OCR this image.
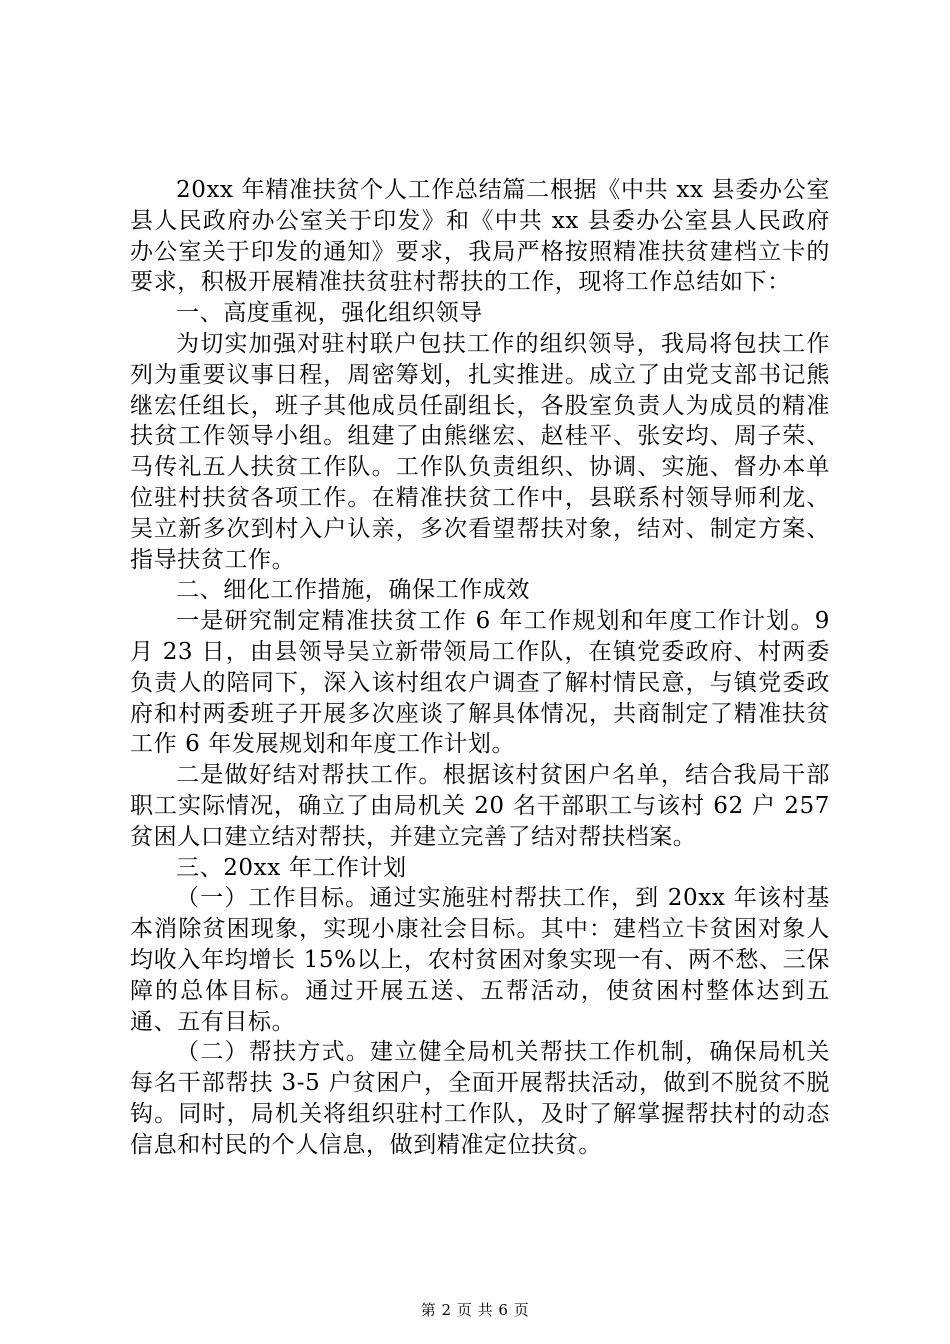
20xx 年精准扶贫个人工作总结篇二根据《中共 xx 县委办公室县人民政府办公室关于印发》和《中共 xx 县委办公室县人民政府办公室关于印发的通知》要求，我局严格按照精准扶贫建档立卡的要求，积极开展精准扶贫驻村帮扶的工作，现将工作总结如下：

一、高度重视，强化组织领导

为切实加强对驻村联户包扶工作的组织领导，我局将包扶工作列为重要议事日程，周密筹划，扎实推进。成立了由党支部书记熊继宏任组长，班子其他成员任副组长，各股室负责人为成员的精准扶贫工作领导小组。组建了由熊继宏、赵桂平、张安均、周子荣、马传礼五人扶贫工作队。工作队负责组织、协调、实施、督办本单位驻村扶贫各项工作。在精准扶贫工作中，县联系村领导师利龙、吴立新多次到村入户认亲，多次看望帮扶对象，结对、制定方案、指导扶贫工作。

二、细化工作措施，确保工作成效

一是研究制定精准扶贫工作 6 年工作规划和年度工作计划。9 月 23 日，由县领导吴立新带领局工作队，在镇党委政府、村两委负责人的陪同下，深入该村组农户调查了解村情民意，与镇党委政府和村两委班子开展多次座谈了解具体情况，共商制定了精准扶贫工作 6 年发展规划和年度工作计划。

二是做好结对帮扶工作。根据该村贫困户名单，结合我局干部职工实际情况，确立了由局机关 20 名干部职工与该村 62 户 257 贫困人口建立结对帮扶，并建立完善了结对帮扶档案。

三、20xx 年工作计划

（一）工作目标。通过实施驻村帮扶工作，到 20xx 年该村基本消除贫困现象，实现小康社会目标。其中：建档立卡贫困对象人均收入年均增长 15%以上，农村贫困对象实现一有、两不愁、三保障的总体目标。通过开展五送、五帮活动，使贫困村整体达到五通、五有目标。

（二）帮扶方式。建立健全局机关帮扶工作机制，确保局机关每名干部帮扶 3-5 户贫困户，全面开展帮扶活动，做到不脱贫不脱钩。同时，局机关将组织驻村工作队，及时了解掌握帮扶村的动态信息和村民的个人信息，做到精准定位扶贫。

第 2 页 共 6 页
